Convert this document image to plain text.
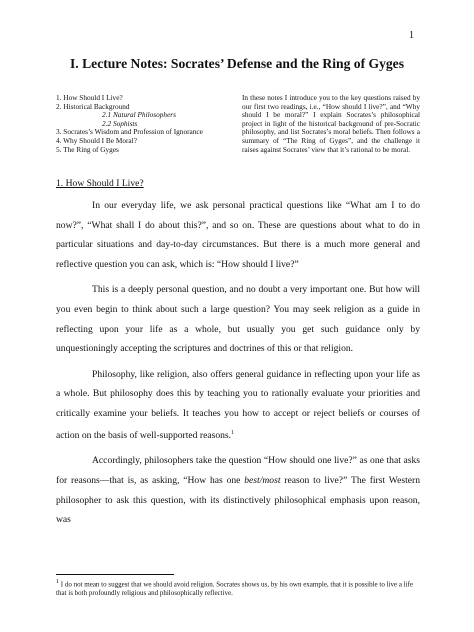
1
I. Lecture Notes: Socrates’ Defense and the Ring of Gyges
1. How Should I Live?
2. Historical Background
2.1 Natural Philosophers
2.2 Sophists
3. Socrates’s Wisdom and Profession of Ignorance
4. Why Should I Be Moral?
5. The Ring of Gyges
In these notes I introduce you to the key questions raised by our first two readings, i.e., “How should I live?”, and “Why should I be moral?” I explain Socrates’s philosophical project in light of the historical background of pre-Socratic philosophy, and list Socrates’s moral beliefs. Then follows a summary of “The Ring of Gyges”, and the challenge it raises against Socrates’ view that it’s rational to be moral.
1. How Should I Live?

In our everyday life, we ask personal practical questions like “What am I to do now?”, “What shall I do about this?”, and so on. These are questions about what to do in particular situations and day-to-day circumstances. But there is a much more general and reflective question you can ask, which is: “How should I live?”

This is a deeply personal question, and no doubt a very important one. But how will you even begin to think about such a large question? You may seek religion as a guide in reflecting upon your life as a whole, but usually you get such guidance only by unquestioningly accepting the scriptures and doctrines of this or that religion.

Philosophy, like religion, also offers general guidance in reflecting upon your life as a whole. But philosophy does this by teaching you to rationally evaluate your priorities and critically examine your beliefs. It teaches you how to accept or reject beliefs or courses of action on the basis of well-supported reasons.$^1$

Accordingly, philosophers take the question “How should one live?” as one that asks for reasons—that is, as asking, “How has one best/most reason to live?” The first Western philosopher to ask this question, with its distinctively philosophical emphasis upon reason, was

$^1$ I do not mean to suggest that we should avoid religion. Socrates shows us, by his own example, that it is possible to live a life that is both profoundly religious and philosophically reflective.
